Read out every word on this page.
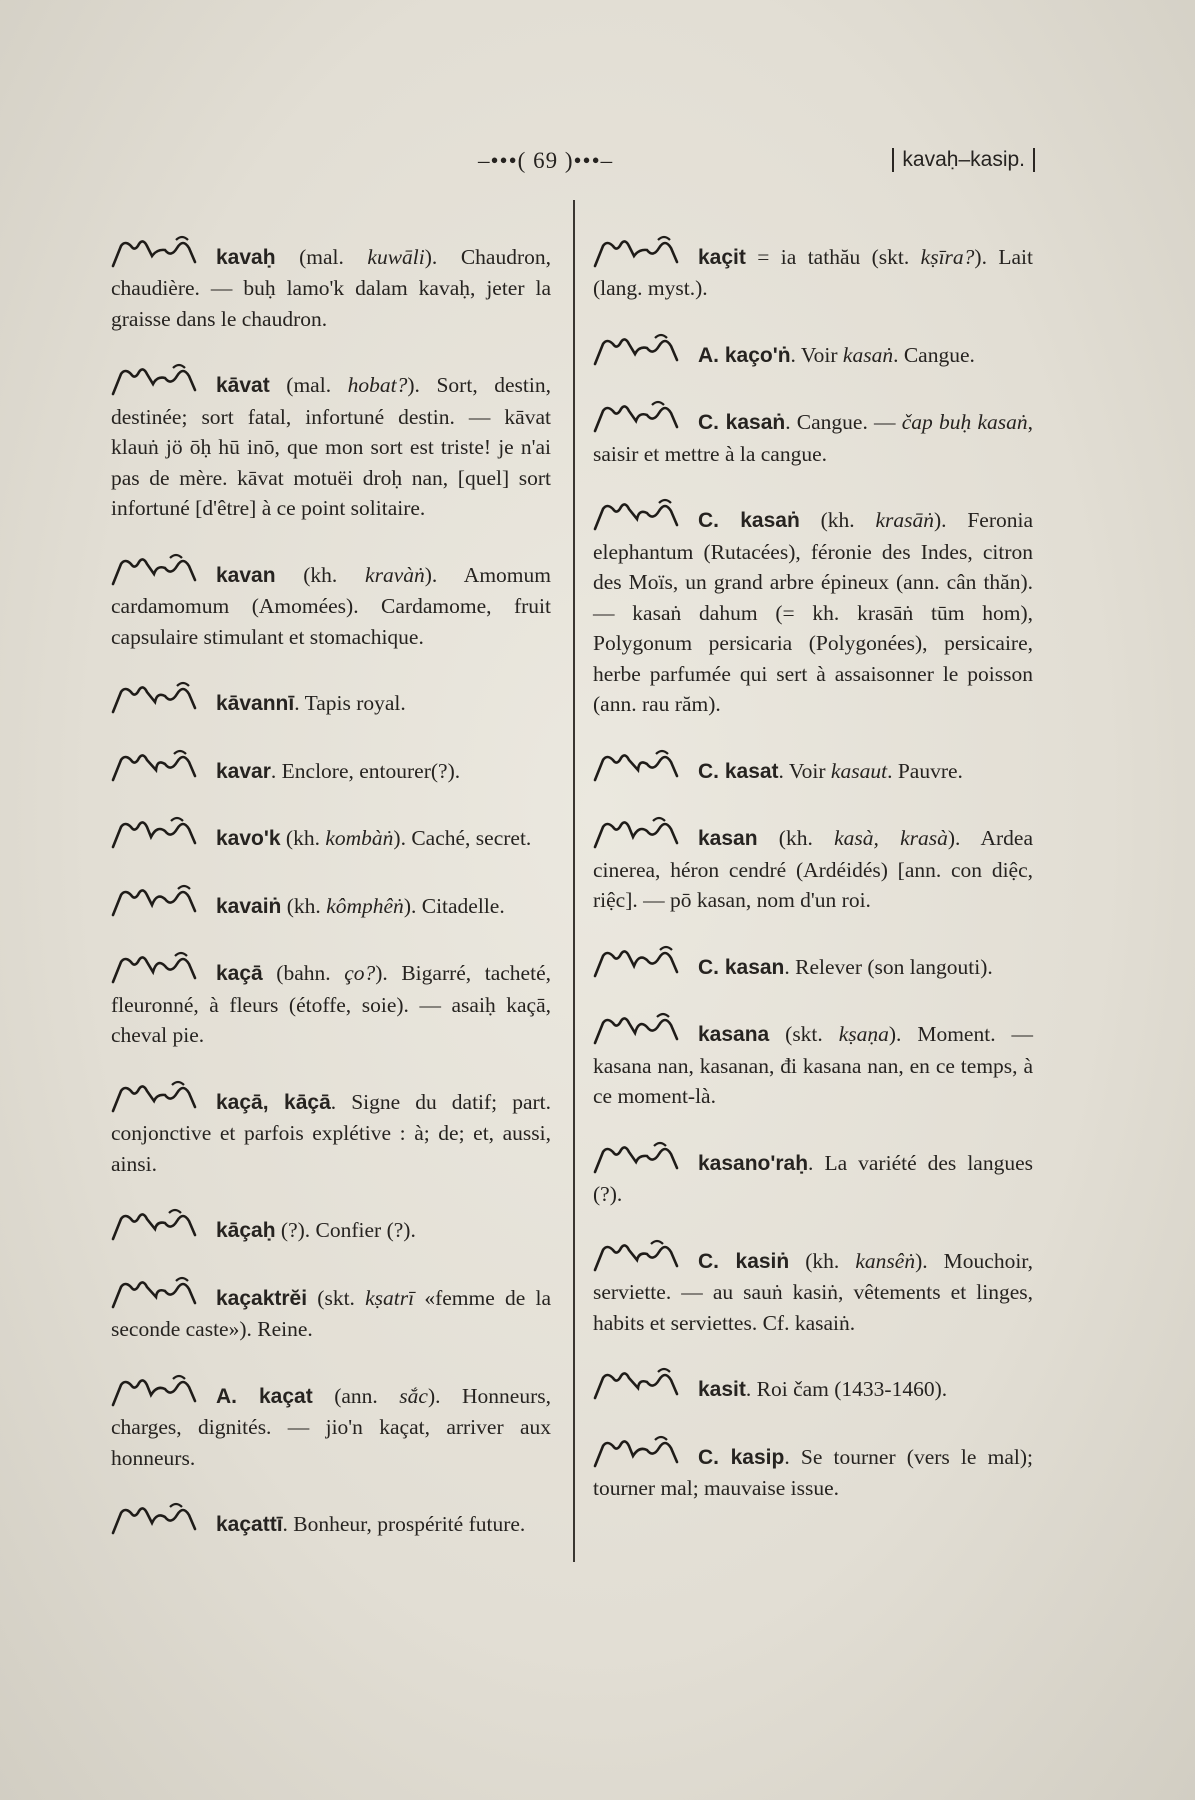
–•••( 69 )•••–	kavaḥ–kasip.

kavaḥ (mal. kuwāli). Chaudron, chaudière. — buḥ lamo'k dalam kavaḥ, jeter la graisse dans le chaudron.

kāvat (mal. hobat?). Sort, destin, destinée; sort fatal, infortuné destin. — kāvat klauṅ jö ōḥ hū inō, que mon sort est triste! je n'ai pas de mère. kāvat motuëi droḥ nan, [quel] sort infortuné [d'être] à ce point solitaire.

kavan (kh. kravàṅ). Amomum cardamomum (Amomées). Cardamome, fruit capsulaire stimulant et stomachique.

kāvannī. Tapis royal.

kavar. Enclore, entourer(?).

kavo'k (kh. kombàṅ). Caché, secret.

kavaiṅ (kh. kômphêṅ). Citadelle.

kaçā (bahn. ço?). Bigarré, tacheté, fleuronné, à fleurs (étoffe, soie). — asaiḥ kaçā, cheval pie.

kaçā, kāçā. Signe du datif; part. conjonctive et parfois explétive : à; de; et, aussi, ainsi.

kāçaḥ (?). Confier (?).

kaçaktrĕi (skt. kṣatrī «femme de la seconde caste»). Reine.

A. kaçat (ann. sắc). Honneurs, charges, dignités. — jio'n kaçat, arriver aux honneurs.

kaçattī. Bonheur, prospérité future.

kaçit = ia tathău (skt. kṣīra?). Lait (lang. myst.).

A. kaço'ṅ. Voir kasaṅ. Cangue.

C. kasaṅ. Cangue. — čap buḥ kasaṅ, saisir et mettre à la cangue.

C. kasaṅ (kh. krasāṅ). Feronia elephantum (Rutacées), féronie des Indes, citron des Moïs, un grand arbre épineux (ann. cân thăn). — kasaṅ dahum (= kh. krasāṅ tūm hom), Polygonum persicaria (Polygonées), persicaire, herbe parfumée qui sert à assaisonner le poisson (ann. rau răm).

C. kasat. Voir kasaut. Pauvre.

kasan (kh. kasà, krasà). Ardea cinerea, héron cendré (Ardéidés) [ann. con diệc, riệc]. — pō kasan, nom d'un roi.

C. kasan. Relever (son langouti).

kasana (skt. kṣaṇa). Moment. — kasana nan, kasanan, đi kasana nan, en ce temps, à ce moment-là.

kasano'raḥ. La variété des langues (?).

C. kasiṅ (kh. kansêṅ). Mouchoir, serviette. — au sauṅ kasiṅ, vêtements et linges, habits et serviettes. Cf. kasaiṅ.

kasit. Roi čam (1433-1460).

C. kasip. Se tourner (vers le mal); tourner mal; mauvaise issue.
